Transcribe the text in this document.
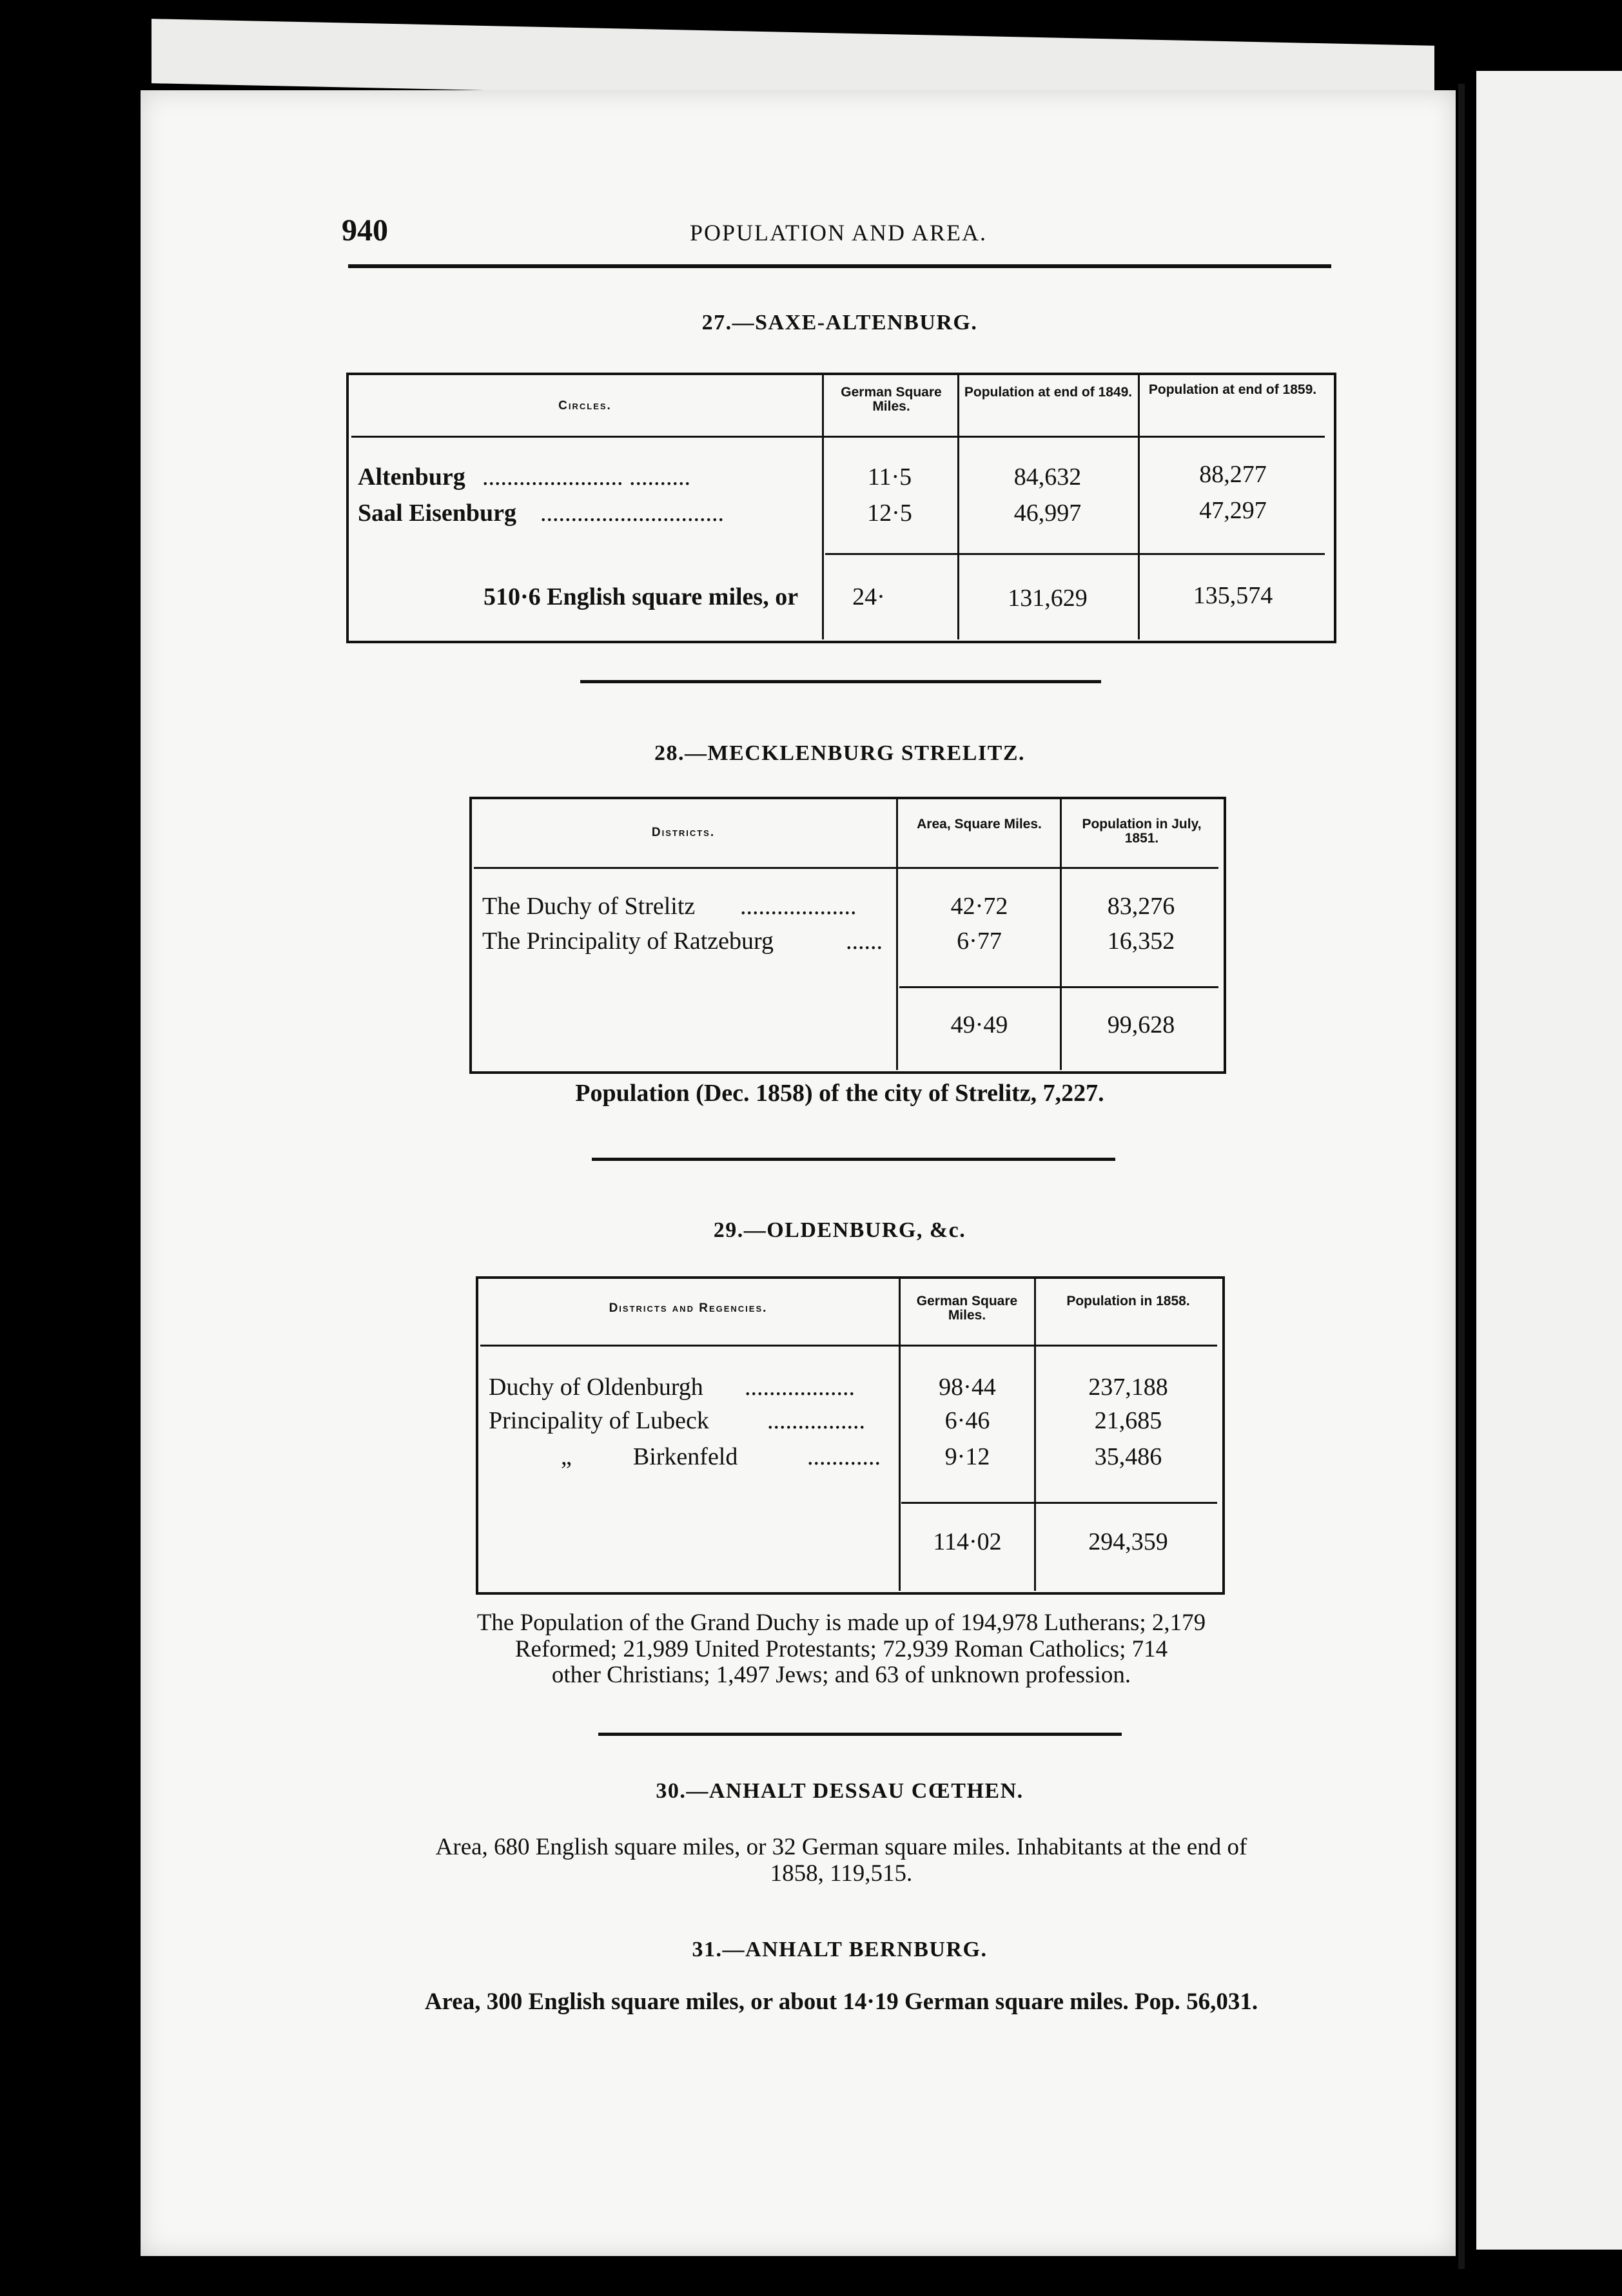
940	POPULATION AND AREA.
27.—SAXE-ALTENBURG.
Circles.
German Square Miles.
Population at end of 1849.	Population at end of 1859.
Altenburg ....................... ..........	11·5	84,632	88,277
Saal Eisenburg ..............................	12·5	46,997	47,297
510·6 English square miles, or	24·	131,629	135,574
28.—MECKLENBURG STRELITZ.
Districts.
Area, Square Miles.	Population in July, 1851.
The Duchy of Strelitz ...................	42·72	83,276
The Principality of Ratzeburg	......	6·77	16,352
49·49	99,628
Population (Dec. 1858) of the city of Strelitz, 7,227.
29.—OLDENBURG, &c.
Districts and Regencies.	German Square Miles.
Population in 1858.
Duchy of Oldenburgh ..................	98·44	237,188
Principality of Lubeck ................	6·46	21,685
„          Birkenfeld	............	9·12	35,486
114·02	294,359
The Population of the Grand Duchy is made up of 194,978 Lutherans; 2,179
Reformed; 21,989 United Protestants; 72,939 Roman Catholics; 714
other Christians; 1,497 Jews; and 63 of unknown profession.
30.—ANHALT DESSAU CŒTHEN.
Area, 680 English square miles, or 32 German square miles. Inhabitants at the end of
1858, 119,515.
31.—ANHALT BERNBURG.
Area, 300 English square miles, or about 14·19 German square miles. Pop. 56,031.
